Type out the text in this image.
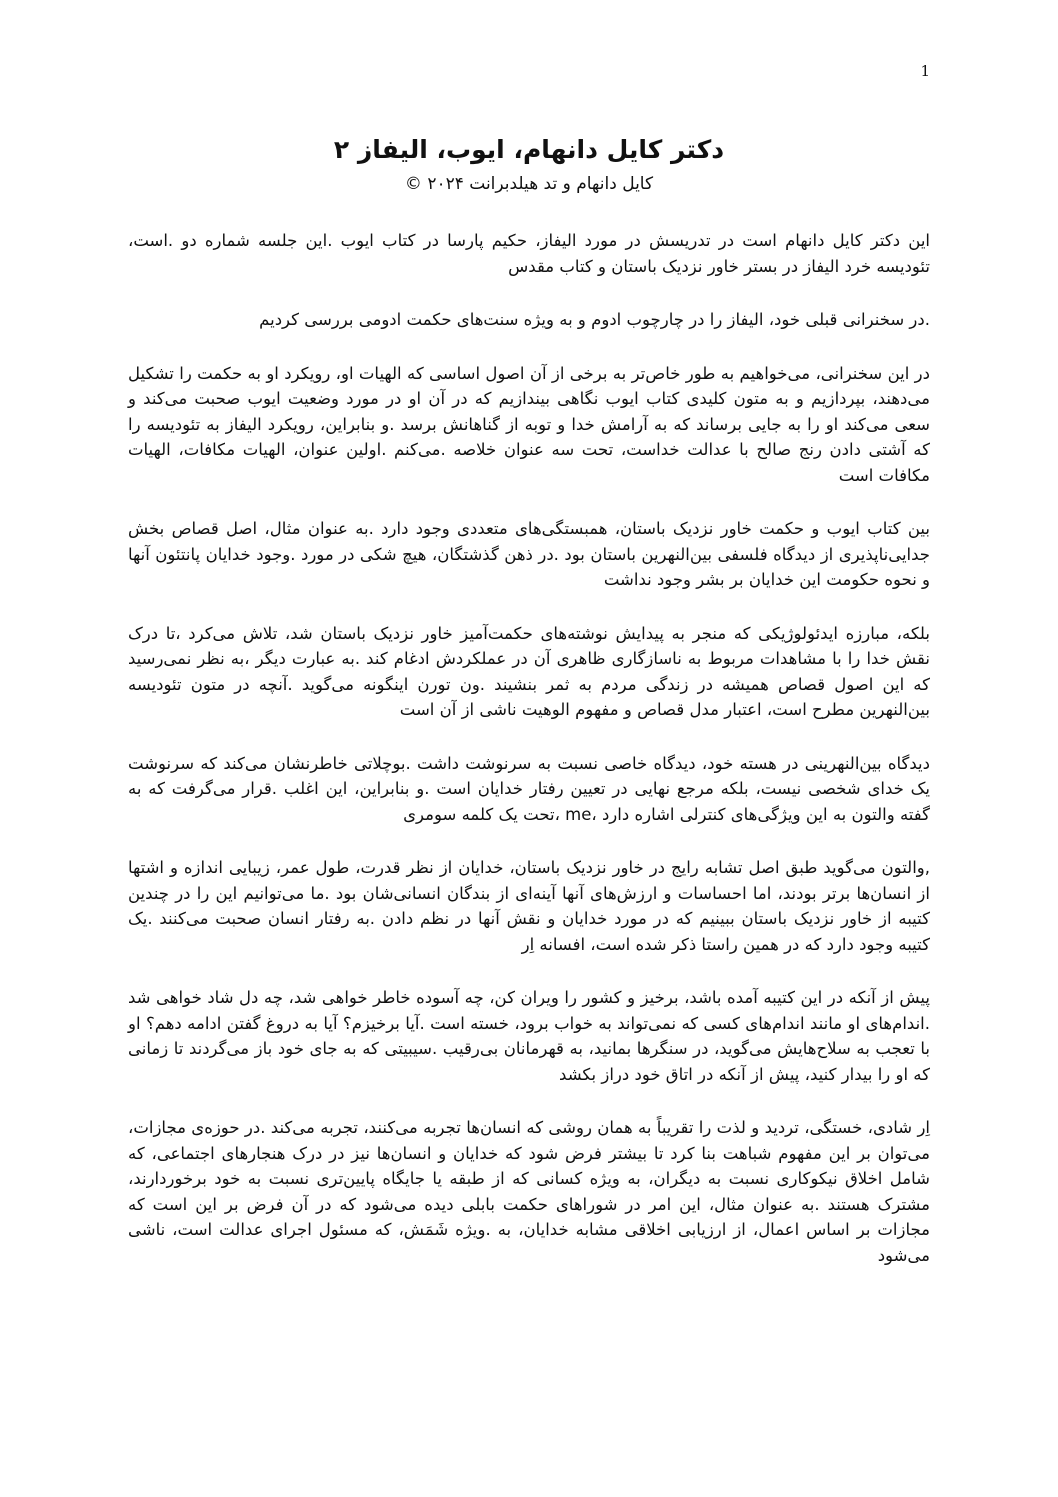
1
دکتر کایل دانهام، ایوب، الیفاز ۲

کایل دانهام و تد هیلدبرانت ۲۰۲۴ ©

این دکتر کایل دانهام است در تدریسش در مورد الیفاز، حکیم پارسا در کتاب ایوب .این جلسه شماره دو .است، تئودیسه خرد الیفاز در بستر خاور نزدیک باستان و کتاب مقدس

.در سخنرانی قبلی خود، الیفاز را در چارچوب ادوم و به ویژه سنت‌های حکمت ادومی بررسی کردیم

در این سخنرانی، می‌خواهیم به طور خاص‌تر به برخی از آن اصول اساسی که الهیات او، رویکرد او به حکمت را تشکیل می‌دهند، بپردازیم و به متون کلیدی کتاب ایوب نگاهی بیندازیم که در آن او در مورد وضعیت ایوب صحبت می‌کند و سعی می‌کند او را به جایی برساند که به آرامش خدا و توبه از گناهانش برسد .و بنابراین، رویکرد الیفاز به تئودیسه را که آشتی دادن رنج صالح با عدالت خداست، تحت سه عنوان خلاصه .می‌کنم .اولین عنوان، الهیات مکافات، الهیات مکافات است

بین کتاب ایوب و حکمت خاور نزدیک باستان، همبستگی‌های متعددی وجود دارد .به عنوان مثال، اصل قصاص بخش جدایی‌ناپذیری از دیدگاه فلسفی بین‌النهرین باستان بود .در ذهن گذشتگان، هیچ شکی در مورد .وجود خدایان پانتئون آنها و نحوه حکومت این خدایان بر بشر وجود نداشت

بلکه، مبارزه ایدئولوژیکی که منجر به پیدایش نوشته‌های حکمت‌آمیز خاور نزدیک باستان شد، تلاش می‌کرد ،تا درک نقش خدا را با مشاهدات مربوط به ناسازگاری ظاهری آن در عملکردش ادغام کند .به عبارت دیگر ،به نظر نمی‌رسید که این اصول قصاص همیشه در زندگی مردم به ثمر بنشیند .ون تورن اینگونه می‌گوید .آنچه در متون تئودیسه بین‌النهرین مطرح است، اعتبار مدل قصاص و مفهوم الوهیت ناشی از آن است

دیدگاه بین‌النهرینی در هسته خود، دیدگاه خاصی نسبت به سرنوشت داشت .بوچلاتی خاطرنشان می‌کند که سرنوشت یک خدای شخصی نیست، بلکه مرجع نهایی در تعیین رفتار خدایان است .و بنابراین، این اغلب .قرار می‌گرفت که به گفته والتون به این ویژگی‌های کنترلی اشاره دارد ،me ،تحت یک کلمه سومری

,والتون می‌گوید طبق اصل تشابه رایج در خاور نزدیک باستان، خدایان از نظر قدرت، طول عمر، زیبایی اندازه و اشتها از انسان‌ها برتر بودند، اما احساسات و ارزش‌های آنها آینه‌ای از بندگان انسانی‌شان بود .ما می‌توانیم این را در چندین کتیبه از خاور نزدیک باستان ببینیم که در مورد خدایان و نقش آنها در نظم دادن .به رفتار انسان صحبت می‌کنند .یک کتیبه وجود دارد که در همین راستا ذکر شده است، افسانه اِر

پیش از آنکه در این کتیبه آمده باشد، برخیز و کشور را ویران کن، چه آسوده خاطر خواهی شد، چه دل شاد خواهی شد .اندام‌های او مانند اندام‌های کسی که نمی‌تواند به خواب برود، خسته است .آیا برخیزم؟ آیا به دروغ گفتن ادامه دهم؟ او با تعجب به سلاح‌هایش می‌گوید، در سنگرها بمانید، به قهرمانان بی‌رقیب .سیبیتی که به جای خود باز می‌گردند تا زمانی که او را بیدار کنید، پیش از آنکه در اتاق خود دراز بکشد

اِر شادی، خستگی، تردید و لذت را تقریباً به همان روشی که انسان‌ها تجربه می‌کنند، تجربه می‌کند .در حوزه‌ی مجازات، می‌توان بر این مفهوم شباهت بنا کرد تا بیشتر فرض شود که خدایان و انسان‌ها نیز در درک هنجارهای اجتماعی، که شامل اخلاق نیکوکاری نسبت به دیگران، به ویژه کسانی که از طبقه یا جایگاه پایین‌تری نسبت به خود برخوردارند، مشترک هستند .به عنوان مثال، این امر در شوراهای حکمت بابلی دیده می‌شود که در آن فرض بر این است که مجازات بر اساس اعمال، از ارزیابی اخلاقی مشابه خدایان، به .ویژه شَمَش، که مسئول اجرای عدالت است، ناشی می‌شود
